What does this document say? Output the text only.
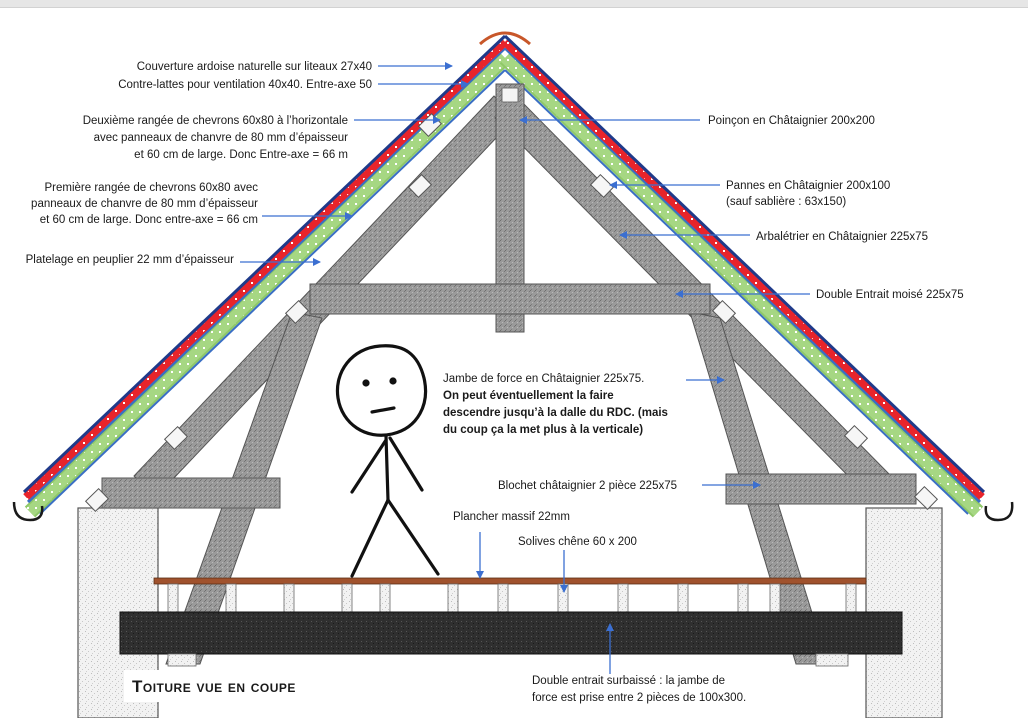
Couverture ardoise naturelle sur liteaux 27x40
Contre-lattes pour ventilation 40x40. Entre-axe 50
Deuxième rangée de chevrons 60x80 à l’horizontale
avec panneaux de chanvre de 80 mm d’épaisseur
et 60 cm de large. Donc Entre-axe = 66 m
Première rangée de chevrons 60x80 avec
panneaux de chanvre de 80 mm d’épaisseur
et 60 cm de large. Donc entre-axe = 66 cm
Platelage en peuplier 22 mm d’épaisseur
Poinçon en Châtaignier 200x200
Pannes en Châtaignier 200x100
(sauf sablière : 63x150)
Arbalétrier en Châtaignier 225x75
Double Entrait moisé 225x75
Jambe de force en Châtaignier 225x75.
On peut éventuellement la faire
descendre jusqu’à la dalle du RDC. (mais
du coup ça la met plus à la verticale)
Blochet châtaignier 2 pièce 225x75
Plancher massif 22mm
Solives chêne 60 x 200
Double entrait surbaissé : la jambe de
force est prise entre 2 pièces de 100x300.
Toiture vue en coupe
